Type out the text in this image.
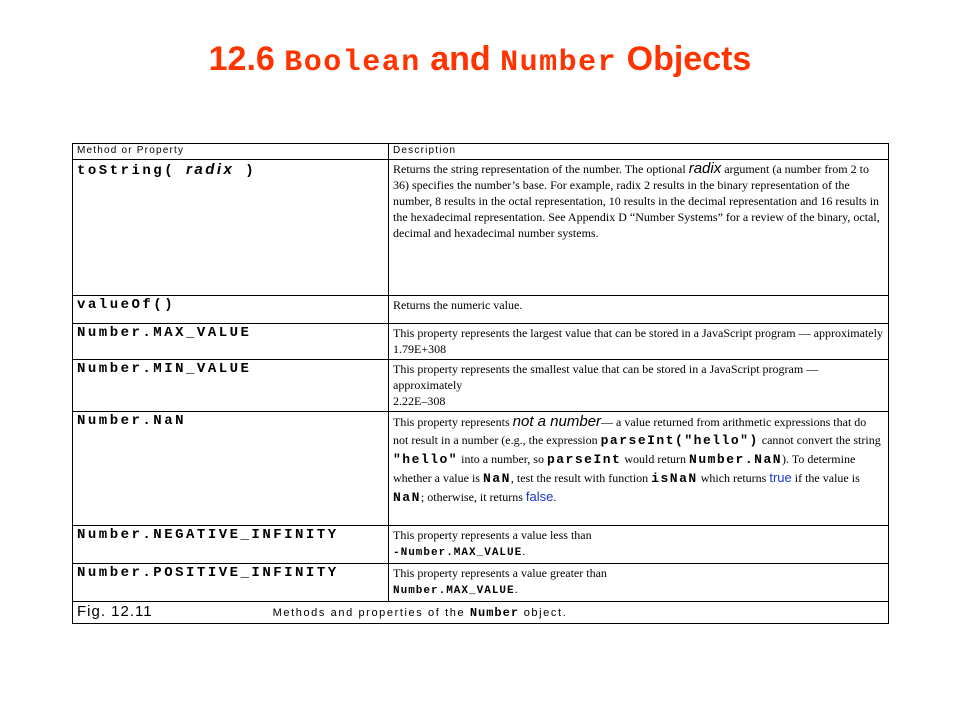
12.6 Boolean and Number Objects
Method or Property	Description
toString( radix )	Returns the string representation of the number. The optional radix argument (a number from 2 to 36) specifies the number’s base. For example, radix 2 results in the binary representation of the number, 8 results in the octal representation, 10 results in the decimal representation and 16 results in the hexadecimal representation. See Appendix D “Number Systems” for a review of the binary, octal, decimal and hexadecimal number systems.
valueOf()	Returns the numeric value.
Number.MAX_VALUE	This property represents the largest value that can be stored in a JavaScript program — approximately 1.79E+308
Number.MIN_VALUE	This property represents the smallest value that can be stored in a JavaScript program — approximately
2.22E–308
Number.NaN	This property represents not a number— a value returned from arithmetic expressions that do not result in a number (e.g., the expression parseInt("hello") cannot convert the string "hello" into a number, so parseInt would return Number.NaN). To determine whether a value is NaN, test the result with function isNaN which returns true if the value is NaN; otherwise, it returns false.
Number.NEGATIVE_INFINITY	This property represents a value less than
-Number.MAX_VALUE.
Number.POSITIVE_INFINITY	This property represents a value greater than
Number.MAX_VALUE.
Fig. 12.11 Methods and properties of the Number object.	
